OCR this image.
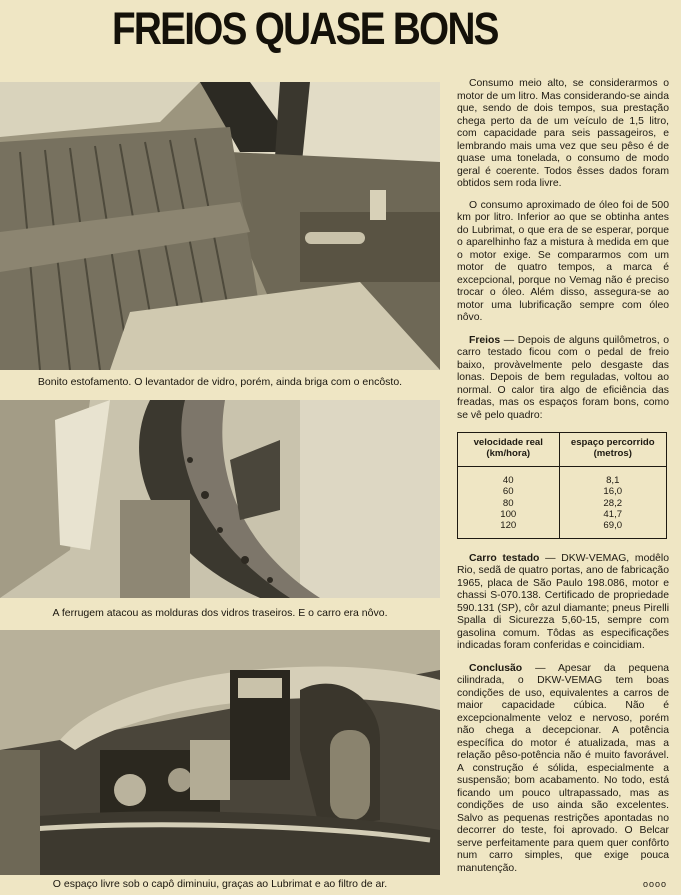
FREIOS QUASE BONS
Bonito estofamento. O levantador de vidro, porém, ainda briga com o encôsto.
A ferrugem atacou as molduras dos vidros traseiros. E o carro era nôvo.
O espaço livre sob o capô diminuiu, graças ao Lubrimat e ao filtro de ar.

Consumo meio alto, se considerarmos o motor de um litro. Mas considerando-se ainda que, sendo de dois tempos, sua prestação chega perto da de um veículo de 1,5 litro, com capacidade para seis passageiros, e lembrando mais uma vez que seu pêso é de quase uma tonelada, o consumo de modo geral é coerente. Todos êsses dados foram obtidos sem roda livre.

O consumo aproximado de óleo foi de 500 km por litro. Inferior ao que se obtinha antes do Lubrimat, o que era de se esperar, porque o aparelhinho faz a mistura à medida em que o motor exige. Se compararmos com um motor de quatro tempos, a marca é excepcional, porque no Vemag não é preciso trocar o óleo. Além disso, assegura-se ao motor uma lubrificação sempre com óleo nôvo.

Freios — Depois de alguns quilômetros, o carro testado ficou com o pedal de freio baixo, provàvelmente pelo desgaste das lonas. Depois de bem reguladas, voltou ao normal. O calor tira algo de eficiência das freadas, mas os espaços foram bons, como se vê pelo quadro:

velocidade real (km/hora)	espaço percorrido (metros)

40	8,1
60	16,0
80	28,2
100	41,7
120	69,0

Carro testado — DKW-VEMAG, modêlo Rio, sedã de quatro portas, ano de fabricação 1965, placa de São Paulo 198.086, motor e chassi S-070.138. Certificado de propriedade 590.131 (SP), côr azul diamante; pneus Pirelli Spalla di Sicurezza 5,60-15, sempre com gasolina comum. Tôdas as especificações indicadas foram conferidas e coincidiam.

Conclusão — Apesar da pequena cilindrada, o DKW-VEMAG tem boas condições de uso, equivalentes a carros de maior capacidade cúbica. Não é excepcionalmente veloz e nervoso, porém não chega a decepcionar. A potência específica do motor é atualizada, mas a relação pêso-potência não é muito favorável. A construção é sólida, especialmente a suspensão; bom acabamento. No todo, está ficando um pouco ultrapassado, mas as condições de uso ainda são excelentes. Salvo as pequenas restrições apontadas no decorrer do teste, foi aprovado. O Belcar serve perfeitamente para quem quer confôrto num carro simples, que exige pouca manutenção.

oooo
